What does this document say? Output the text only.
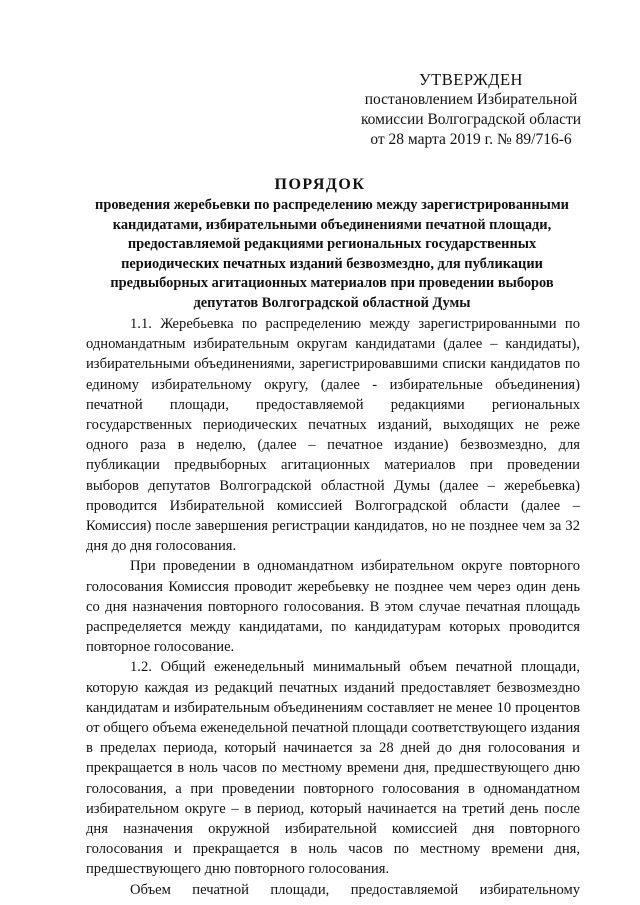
УТВЕРЖДЕН
постановлением Избирательной
комиссии Волгоградской области
от 28 марта 2019 г. № 89/716-6
ПОРЯДОК
проведения жеребьевки по распределению между зарегистрированными кандидатами, избирательными объединениями печатной площади, предоставляемой редакциями региональных государственных периодических печатных изданий безвозмездно, для публикации предвыборных агитационных материалов при проведении выборов депутатов Волгоградской областной Думы

1.1. Жеребьевка по распределению между зарегистрированными по одномандатным избирательным округам кандидатами (далее – кандидаты), избирательными объединениями, зарегистрировавшими списки кандидатов по единому избирательному округу, (далее - избирательные объединения) печатной площади, предоставляемой редакциями региональных государственных периодических печатных изданий, выходящих не реже одного раза в неделю, (далее – печатное издание) безвозмездно, для публикации предвыборных агитационных материалов при проведении выборов депутатов Волгоградской областной Думы (далее – жеребьевка) проводится Избирательной комиссией Волгоградской области (далее – Комиссия) после завершения регистрации кандидатов, но не позднее чем за 32 дня до дня голосования.

При проведении в одномандатном избирательном округе повторного голосования Комиссия проводит жеребьевку не позднее чем через один день со дня назначения повторного голосования. В этом случае печатная площадь распределяется между кандидатами, по кандидатурам которых проводится повторное голосование.

1.2. Общий еженедельный минимальный объем печатной площади, которую каждая из редакций печатных изданий предоставляет безвозмездно кандидатам и избирательным объединениям составляет не менее 10 процентов от общего объема еженедельной печатной площади соответствующего издания в пределах периода, который начинается за 28 дней до дня голосования и прекращается в ноль часов по местному времени дня, предшествующего дню голосования, а при проведении повторного голосования в одномандатном избирательном округе – в период, который начинается на третий день после дня назначения окружной избирательной комиссией дня повторного голосования и прекращается в ноль часов по местному времени дня, предшествующего дню повторного голосования.

Объем печатной площади, предоставляемой избирательному
